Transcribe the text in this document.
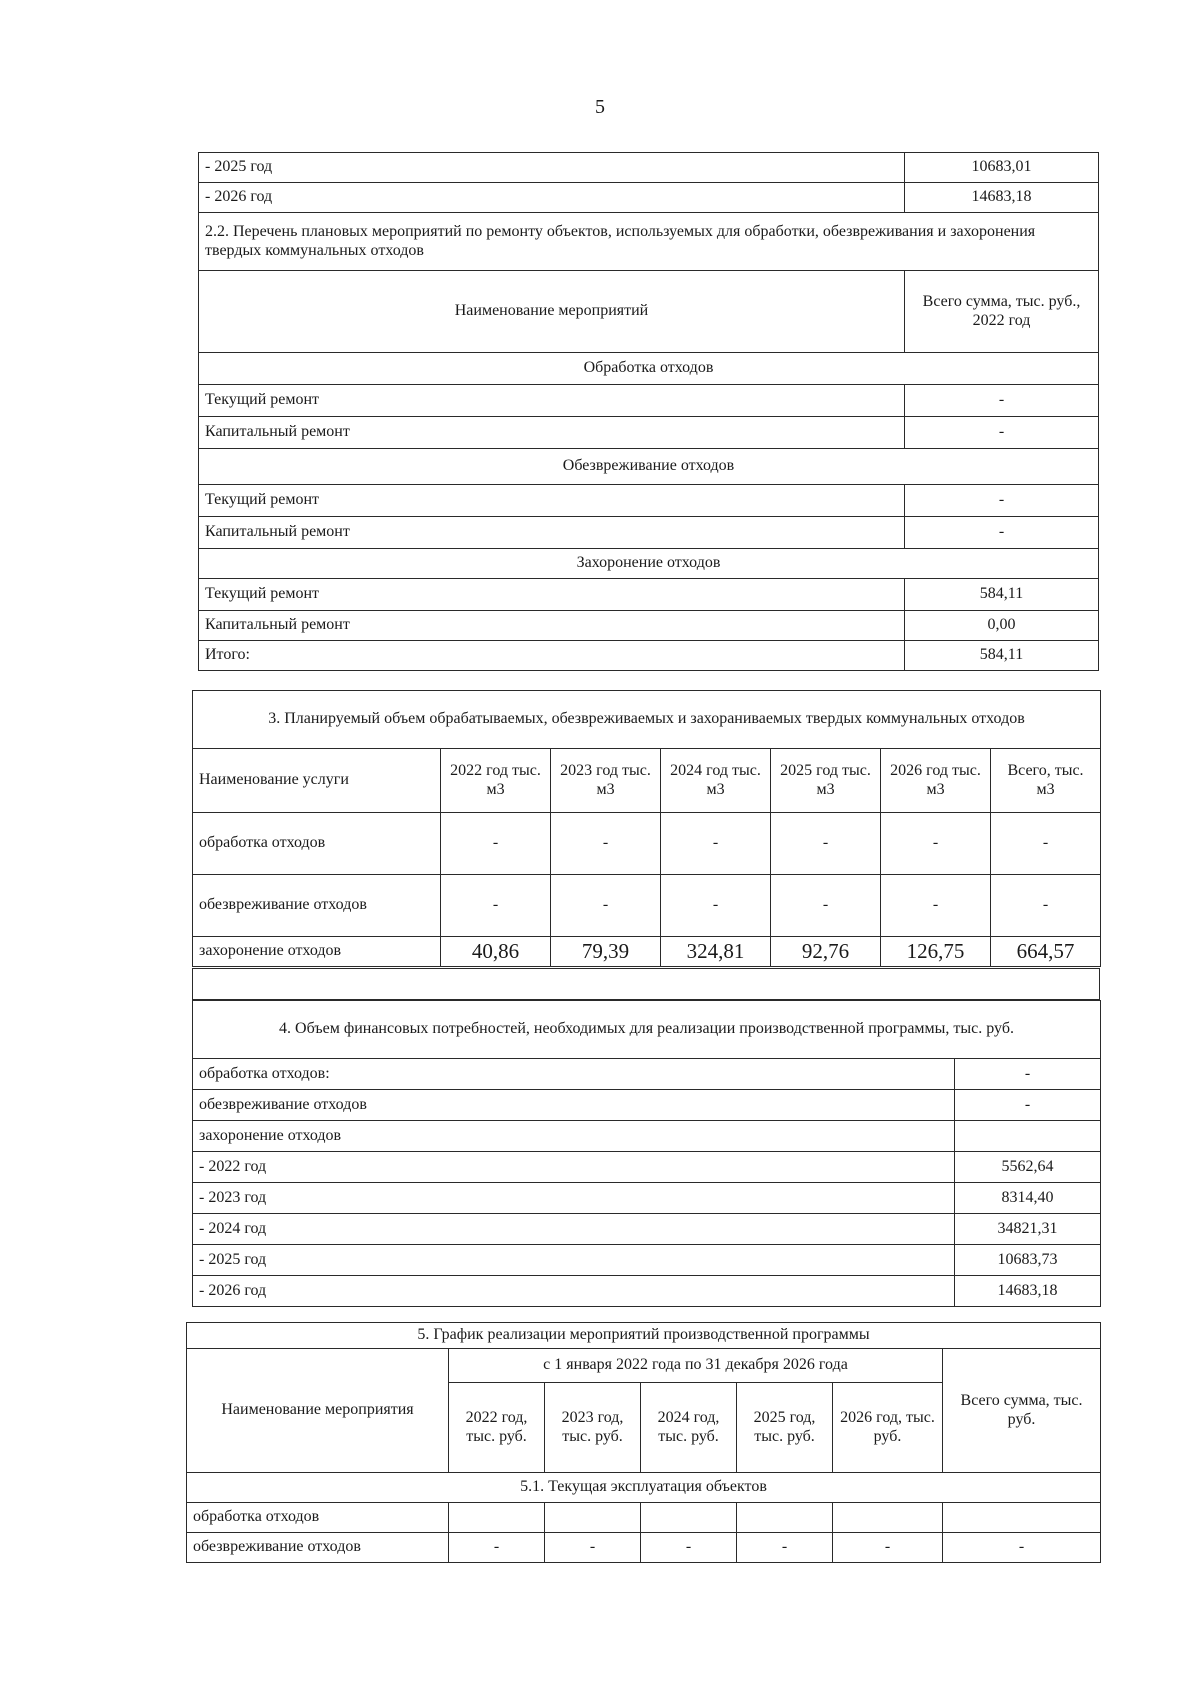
5
- 2025 год	10683,01
- 2026 год	14683,18
2.2. Перечень плановых мероприятий по ремонту объектов, используемых для обработки, обезвреживания и захоронения твердых коммунальных отходов	
Наименование мероприятий	Всего сумма, тыс. руб., 2022 год
Обработка отходов	
Текущий ремонт	-
Капитальный ремонт	-
Обезвреживание отходов	
Текущий ремонт	-
Капитальный ремонт	-
Захоронение отходов	
Текущий ремонт	584,11
Капитальный ремонт	0,00
Итого:	584,11
3. Планируемый объем обрабатываемых, обезвреживаемых и захораниваемых твердых коммунальных отходов						
Наименование услуги	2022 год тыс. м3	2023 год тыс. м3	2024 год тыс. м3	2025 год тыс. м3	2026 год тыс. м3	Всего, тыс. м3
обработка отходов	-	-	-	-	-	-
обезвреживание отходов	-	-	-	-	-	-
захоронение отходов	40,86	79,39	324,81	92,76	126,75	664,57
4. Объем финансовых потребностей, необходимых для реализации производственной программы, тыс. руб.	
обработка отходов:	-
обезвреживание отходов	-
захоронение отходов	
- 2022 год	5562,64
- 2023 год	8314,40
- 2024 год	34821,31
- 2025 год	10683,73
- 2026 год	14683,18
5. График реализации мероприятий производственной программы						
Наименование мероприятия	с 1 января 2022 года по 31 декабря 2026 года					Всего сумма, тыс. руб.
	2022 год, тыс. руб.	2023 год, тыс. руб.	2024 год, тыс. руб.	2025 год, тыс. руб.	2026 год, тыс. руб.	
5.1. Текущая эксплуатация объектов						
обработка отходов						
обезвреживание отходов	-	-	-	-	-	-
